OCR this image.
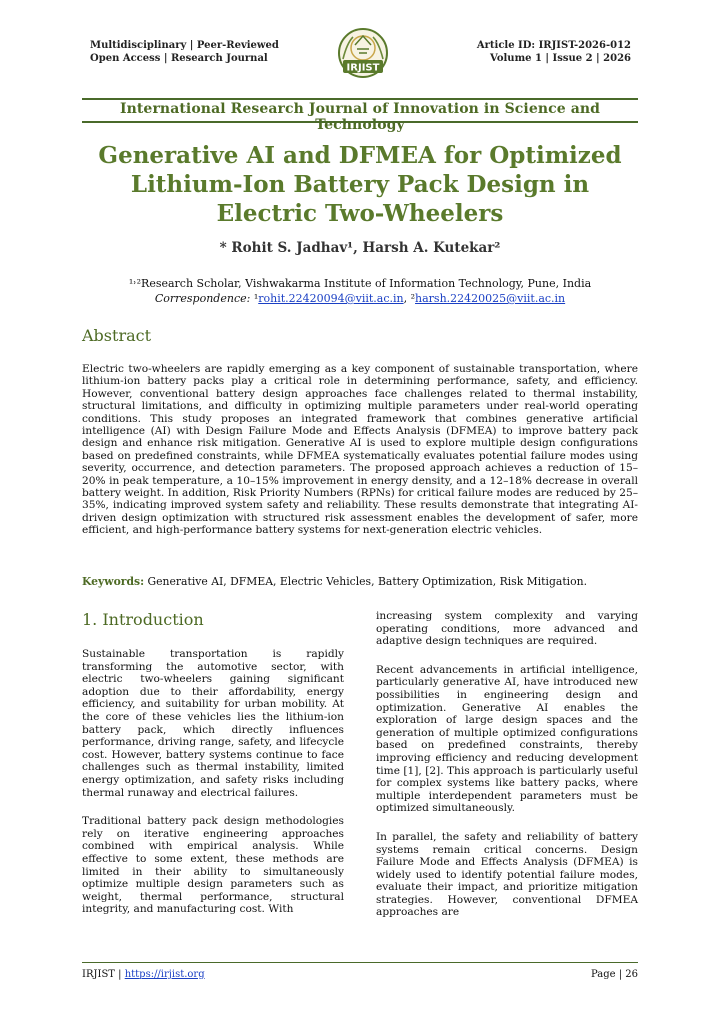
Multidisciplinary | Peer-Reviewed
Open Access | Research Journal
IRJIST
Article ID: IRJIST-2026-012
Volume 1 | Issue 2 | 2026
International Research Journal of Innovation in Science and Technology
Generative AI and DFMEA for Optimized Lithium-Ion Battery Pack Design in Electric Two-Wheelers
* Rohit S. Jadhav¹, Harsh A. Kutekar²
¹˒²Research Scholar, Vishwakarma Institute of Information Technology, Pune, India
Correspondence: ¹rohit.22420094@viit.ac.in, ²harsh.22420025@viit.ac.in
Abstract
Electric two-wheelers are rapidly emerging as a key component of sustainable transportation, where lithium-ion battery packs play a critical role in determining performance, safety, and efficiency. However, conventional battery design approaches face challenges related to thermal instability, structural limitations, and difficulty in optimizing multiple parameters under real-world operating conditions. This study proposes an integrated framework that combines generative artificial intelligence (AI) with Design Failure Mode and Effects Analysis (DFMEA) to improve battery pack design and enhance risk mitigation. Generative AI is used to explore multiple design configurations based on predefined constraints, while DFMEA systematically evaluates potential failure modes using severity, occurrence, and detection parameters. The proposed approach achieves a reduction of 15–20% in peak temperature, a 10–15% improvement in energy density, and a 12–18% decrease in overall battery weight. In addition, Risk Priority Numbers (RPNs) for critical failure modes are reduced by 25–35%, indicating improved system safety and reliability. These results demonstrate that integrating AI-driven design optimization with structured risk assessment enables the development of safer, more efficient, and high-performance battery systems for next-generation electric vehicles.
Keywords: Generative AI, DFMEA, Electric Vehicles, Battery Optimization, Risk Mitigation.
1. Introduction

Sustainable transportation is rapidly transforming the automotive sector, with electric two-wheelers gaining significant adoption due to their affordability, energy efficiency, and suitability for urban mobility. At the core of these vehicles lies the lithium-ion battery pack, which directly influences performance, driving range, safety, and lifecycle cost. However, battery systems continue to face challenges such as thermal instability, limited energy optimization, and safety risks including thermal runaway and electrical failures.

Traditional battery pack design methodologies rely on iterative engineering approaches combined with empirical analysis. While effective to some extent, these methods are limited in their ability to simultaneously optimize multiple design parameters such as weight, thermal performance, structural integrity, and manufacturing cost. With

increasing system complexity and varying operating conditions, more advanced and adaptive design techniques are required.

Recent advancements in artificial intelligence, particularly generative AI, have introduced new possibilities in engineering design and optimization. Generative AI enables the exploration of large design spaces and the generation of multiple optimized configurations based on predefined constraints, thereby improving efficiency and reducing development time [1], [2]. This approach is particularly useful for complex systems like battery packs, where multiple interdependent parameters must be optimized simultaneously.

In parallel, the safety and reliability of battery systems remain critical concerns. Design Failure Mode and Effects Analysis (DFMEA) is widely used to identify potential failure modes, evaluate their impact, and prioritize mitigation strategies. However, conventional DFMEA approaches are

IRJIST | https://irjist.org	Page | 26
